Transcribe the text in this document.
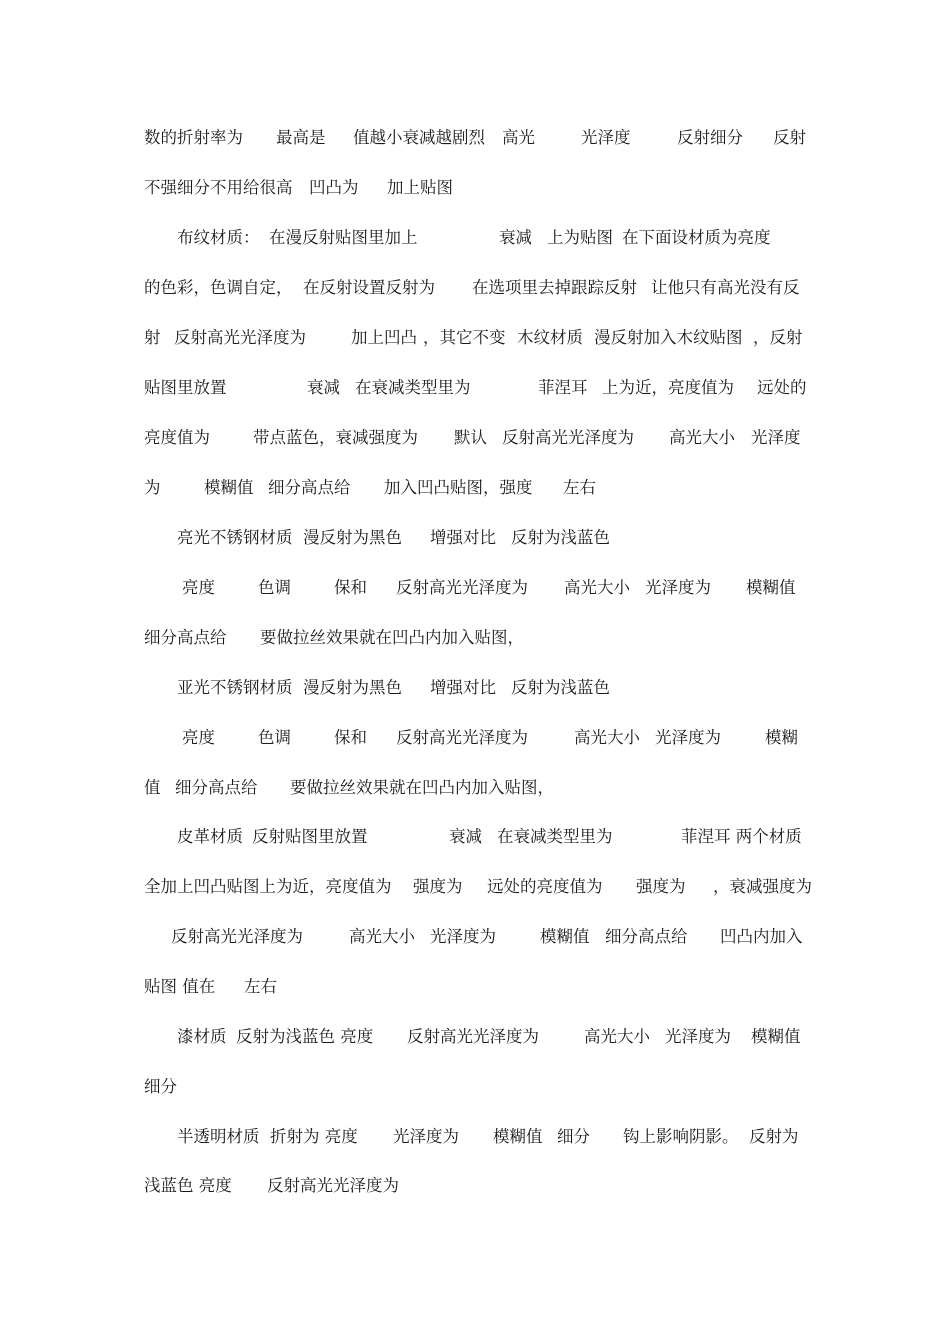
数的折射率为 最高是 值越小衰减越剧烈 高光	光泽度	反射细分 反射
不强细分不用给很高 凹凸为 加上贴图
布纹材质： 在漫反射贴图里加上	衰减 上为贴图 在下面设材质为亮度
的色彩，色调自定， 在反射设置反射为 在选项里去掉跟踪反射 让他只有高光没有反
射 反射高光光泽度为	加上凹凸 ，其它不变 木纹材质 漫反射加入木纹贴图 ，反射
贴图里放置	衰减 在衰减类型里为	菲涅耳 上为近，亮度值为 远处的
亮度值为	带点蓝色，衰减强度为 默认 反射高光光泽度为 高光大小 光泽度
为	模糊值 细分高点给 加入凹凸贴图，强度 左右
亮光不锈钢材质 漫反射为黑色 增强对比 反射为浅蓝色
亮度	色调	保和 反射高光光泽度为 高光大小 光泽度为 模糊值
细分高点给 要做拉丝效果就在凹凸内加入贴图，
亚光不锈钢材质 漫反射为黑色 增强对比 反射为浅蓝色
亮度	色调	保和 反射高光光泽度为	高光大小 光泽度为	模糊
值 细分高点给 要做拉丝效果就在凹凸内加入贴图，
皮革材质 反射贴图里放置	衰减 在衰减类型里为	菲涅耳 两个材质
全加上凹凸贴图上为近，亮度值为 强度为 远处的亮度值为 强度为 ，衰减强度为
反射高光光泽度为	高光大小 光泽度为	模糊值 细分高点给 凹凸内加入
贴图 值在 左右
漆材质 反射为浅蓝色 亮度 反射高光光泽度为	高光大小 光泽度为 模糊值
细分
半透明材质 折射为 亮度 光泽度为 模糊值 细分 钩上影响阴影。 反射为
浅蓝色 亮度 反射高光光泽度为
